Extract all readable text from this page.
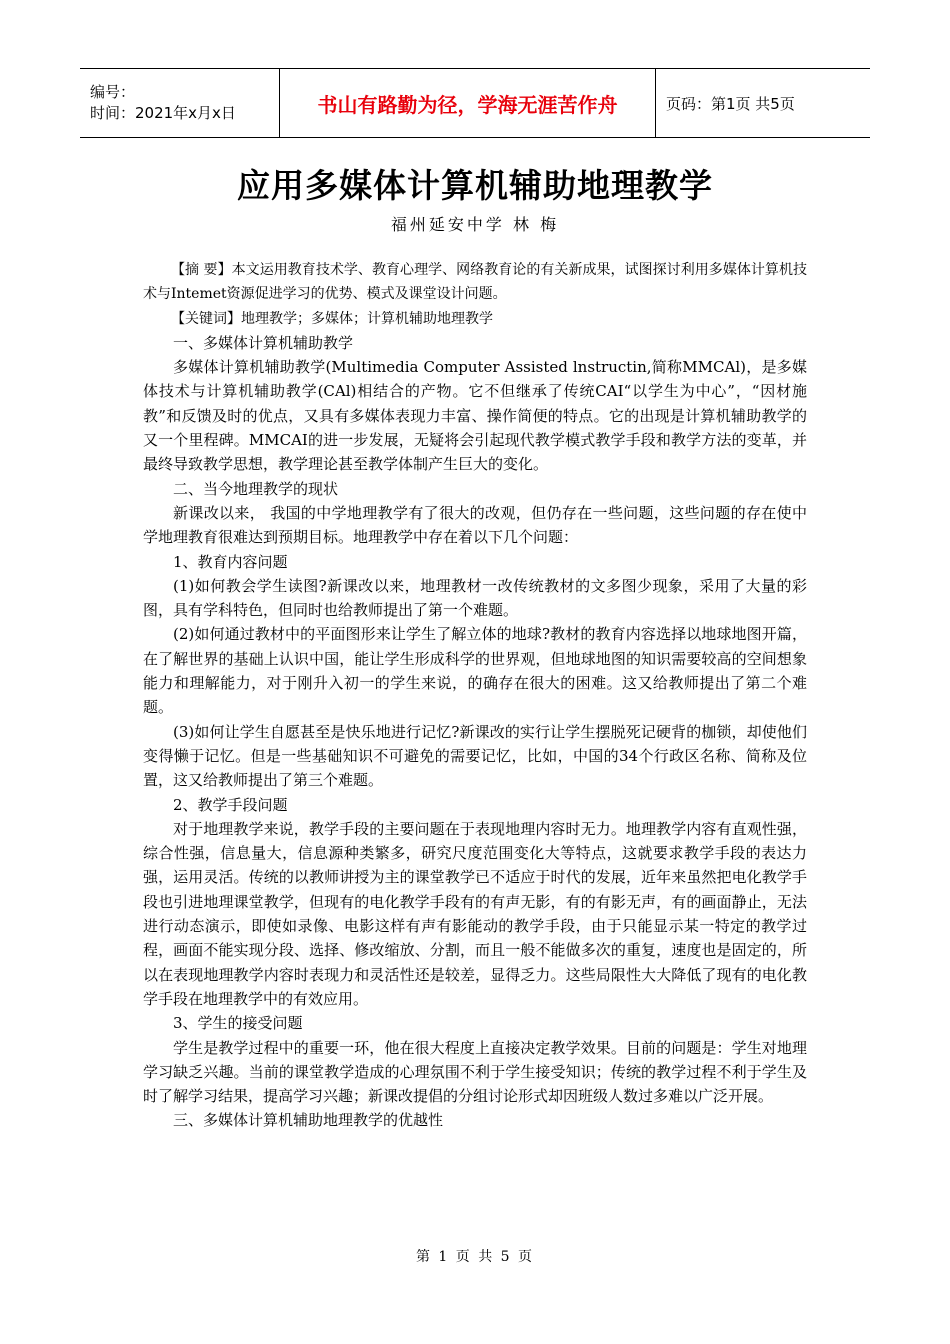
编号：
时间：2021年x月x日	书山有路勤为径，学海无涯苦作舟	页码：第1页 共5页
应用多媒体计算机辅助地理教学
福州延安中学 林 梅

【摘 要】本文运用教育技术学、教育心理学、网络教育论的有关新成果，试图探讨利用多媒体计算机技术与Intemet资源促进学习的优势、模式及课堂设计问题。

【关键词】地理教学；多媒体；计算机辅助地理教学

一、多媒体计算机辅助教学

多媒体计算机辅助教学(Multimedia Computer Assisted lnstructin,简称MMCAl)，是多媒体技术与计算机辅助教学(CAl)相结合的产物。它不但继承了传统CAI“以学生为中心”，“因材施教”和反馈及时的优点，又具有多媒体表现力丰富、操作简便的特点。它的出现是计算机辅助教学的又一个里程碑。MMCAI的进一步发展，无疑将会引起现代教学模式教学手段和教学方法的变革，并最终导致教学思想，教学理论甚至教学体制产生巨大的变化。

二、当今地理教学的现状

新课改以来， 我国的中学地理教学有了很大的改观，但仍存在一些问题，这些问题的存在使中学地理教育很难达到预期目标。地理教学中存在着以下几个问题：

1、教育内容问题

(1)如何教会学生读图?新课改以来，地理教材一改传统教材的文多图少现象，采用了大量的彩图，具有学科特色，但同时也给教师提出了第一个难题。

(2)如何通过教材中的平面图形来让学生了解立体的地球?教材的教育内容选择以地球地图开篇，在了解世界的基础上认识中国，能让学生形成科学的世界观，但地球地图的知识需要较高的空间想象能力和理解能力，对于刚升入初一的学生来说，的确存在很大的困难。这又给教师提出了第二个难题。

(3)如何让学生自愿甚至是快乐地进行记忆?新课改的实行让学生摆脱死记硬背的枷锁，却使他们变得懒于记忆。但是一些基础知识不可避免的需要记忆，比如，中国的34个行政区名称、简称及位置，这又给教师提出了第三个难题。

2、教学手段问题

对于地理教学来说，教学手段的主要问题在于表现地理内容时无力。地理教学内容有直观性强，综合性强，信息量大，信息源种类繁多，研究尺度范围变化大等特点，这就要求教学手段的表达力强，运用灵活。传统的以教师讲授为主的课堂教学已不适应于时代的发展，近年来虽然把电化教学手段也引进地理课堂教学，但现有的电化教学手段有的有声无影，有的有影无声，有的画面静止，无法进行动态演示，即使如录像、电影这样有声有影能动的教学手段，由于只能显示某一特定的教学过程，画面不能实现分段、选择、修改缩放、分割，而且一般不能做多次的重复，速度也是固定的，所以在表现地理教学内容时表现力和灵活性还是较差，显得乏力。这些局限性大大降低了现有的电化教学手段在地理教学中的有效应用。

3、学生的接受问题

学生是教学过程中的重要一环，他在很大程度上直接决定教学效果。目前的问题是：学生对地理学习缺乏兴趣。当前的课堂教学造成的心理氛围不利于学生接受知识；传统的教学过程不利于学生及时了解学习结果，提高学习兴趣；新课改提倡的分组讨论形式却因班级人数过多难以广泛开展。

三、多媒体计算机辅助地理教学的优越性

第 1 页 共 5 页
